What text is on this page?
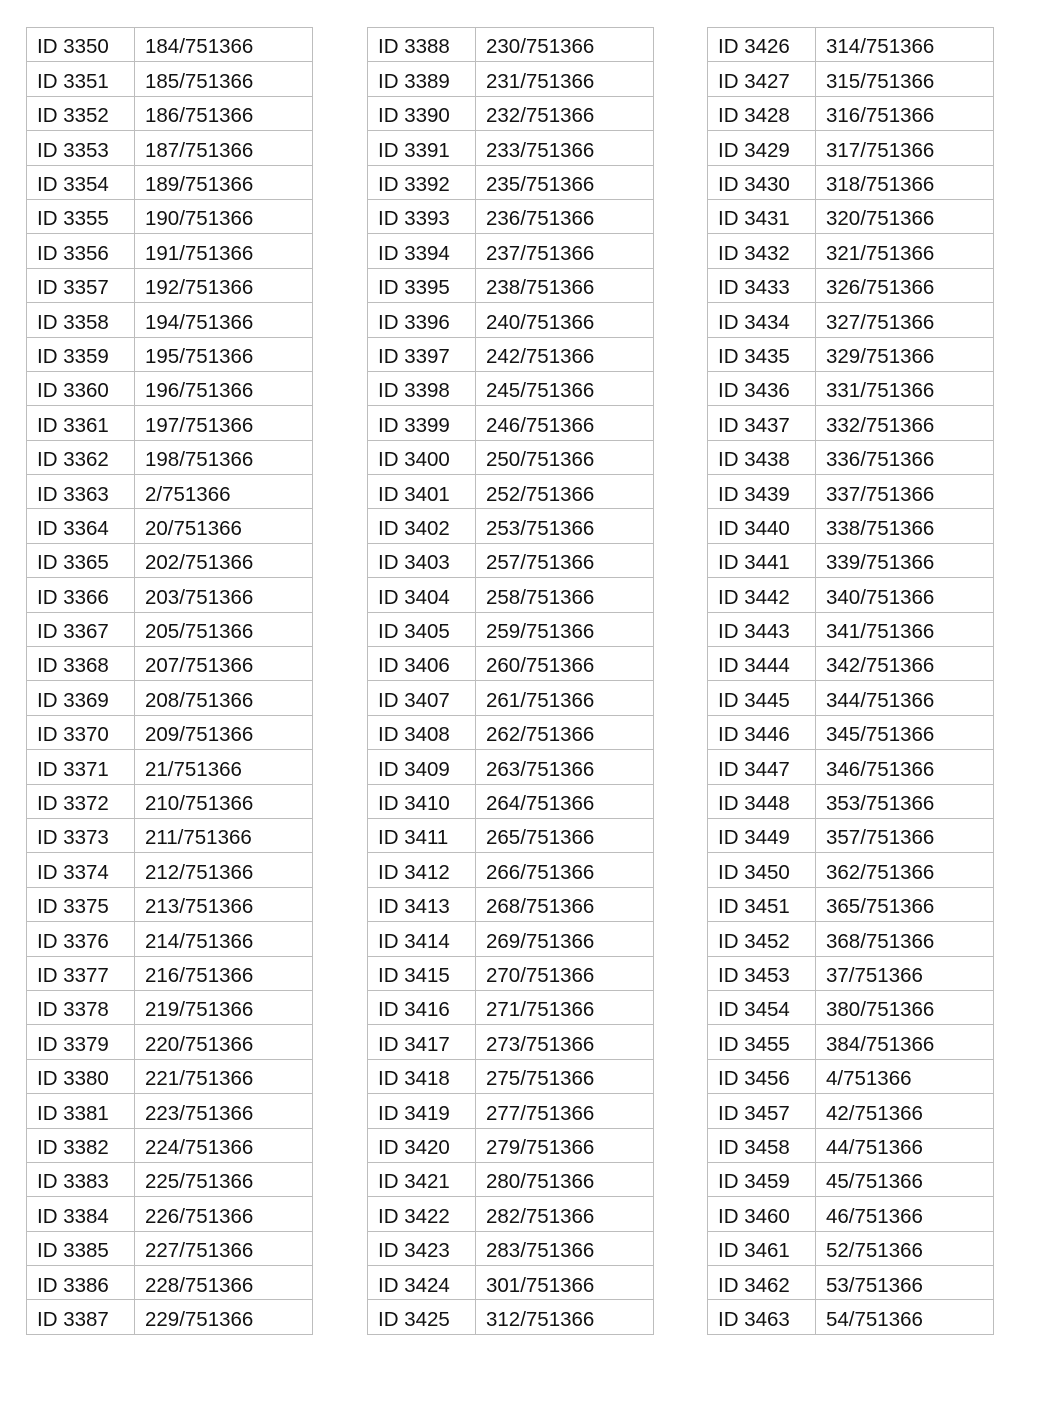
ID 3350	184/751366
ID 3351	185/751366
ID 3352	186/751366
ID 3353	187/751366
ID 3354	189/751366
ID 3355	190/751366
ID 3356	191/751366
ID 3357	192/751366
ID 3358	194/751366
ID 3359	195/751366
ID 3360	196/751366
ID 3361	197/751366
ID 3362	198/751366
ID 3363	2/751366
ID 3364	20/751366
ID 3365	202/751366
ID 3366	203/751366
ID 3367	205/751366
ID 3368	207/751366
ID 3369	208/751366
ID 3370	209/751366
ID 3371	21/751366
ID 3372	210/751366
ID 3373	211/751366
ID 3374	212/751366
ID 3375	213/751366
ID 3376	214/751366
ID 3377	216/751366
ID 3378	219/751366
ID 3379	220/751366
ID 3380	221/751366
ID 3381	223/751366
ID 3382	224/751366
ID 3383	225/751366
ID 3384	226/751366
ID 3385	227/751366
ID 3386	228/751366
ID 3387	229/751366
ID 3388	230/751366
ID 3389	231/751366
ID 3390	232/751366
ID 3391	233/751366
ID 3392	235/751366
ID 3393	236/751366
ID 3394	237/751366
ID 3395	238/751366
ID 3396	240/751366
ID 3397	242/751366
ID 3398	245/751366
ID 3399	246/751366
ID 3400	250/751366
ID 3401	252/751366
ID 3402	253/751366
ID 3403	257/751366
ID 3404	258/751366
ID 3405	259/751366
ID 3406	260/751366
ID 3407	261/751366
ID 3408	262/751366
ID 3409	263/751366
ID 3410	264/751366
ID 3411	265/751366
ID 3412	266/751366
ID 3413	268/751366
ID 3414	269/751366
ID 3415	270/751366
ID 3416	271/751366
ID 3417	273/751366
ID 3418	275/751366
ID 3419	277/751366
ID 3420	279/751366
ID 3421	280/751366
ID 3422	282/751366
ID 3423	283/751366
ID 3424	301/751366
ID 3425	312/751366
ID 3426	314/751366
ID 3427	315/751366
ID 3428	316/751366
ID 3429	317/751366
ID 3430	318/751366
ID 3431	320/751366
ID 3432	321/751366
ID 3433	326/751366
ID 3434	327/751366
ID 3435	329/751366
ID 3436	331/751366
ID 3437	332/751366
ID 3438	336/751366
ID 3439	337/751366
ID 3440	338/751366
ID 3441	339/751366
ID 3442	340/751366
ID 3443	341/751366
ID 3444	342/751366
ID 3445	344/751366
ID 3446	345/751366
ID 3447	346/751366
ID 3448	353/751366
ID 3449	357/751366
ID 3450	362/751366
ID 3451	365/751366
ID 3452	368/751366
ID 3453	37/751366
ID 3454	380/751366
ID 3455	384/751366
ID 3456	4/751366
ID 3457	42/751366
ID 3458	44/751366
ID 3459	45/751366
ID 3460	46/751366
ID 3461	52/751366
ID 3462	53/751366
ID 3463	54/751366
